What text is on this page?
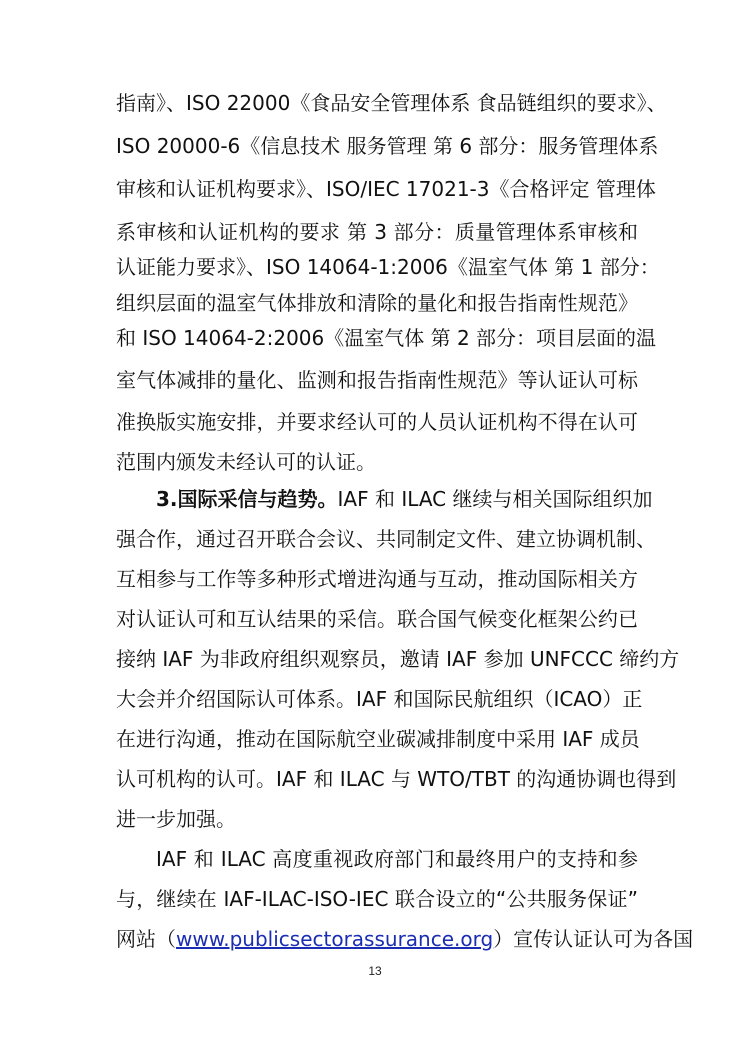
指南》、ISO 22000《食品安全管理体系 食品链组织的要求》、
ISO 20000-6《信息技术 服务管理 第 6 部分：服务管理体系
审核和认证机构要求》、ISO/IEC 17021-3《合格评定 管理体
系审核和认证机构的要求 第 3 部分：质量管理体系审核和
认证能力要求》、ISO 14064-1:2006《温室气体 第 1 部分：
组织层面的温室气体排放和清除的量化和报告指南性规范》
和 ISO 14064-2:2006《温室气体 第 2 部分：项目层面的温
室气体减排的量化、监测和报告指南性规范》等认证认可标
准换版实施安排，并要求经认可的人员认证机构不得在认可
范围内颁发未经认可的认证。
3.国际采信与趋势。IAF 和 ILAC 继续与相关国际组织加
强合作，通过召开联合会议、共同制定文件、建立协调机制、
互相参与工作等多种形式增进沟通与互动，推动国际相关方
对认证认可和互认结果的采信。联合国气候变化框架公约已
接纳 IAF 为非政府组织观察员，邀请 IAF 参加 UNFCCC 缔约方
大会并介绍国际认可体系。IAF 和国际民航组织（ICAO）正
在进行沟通，推动在国际航空业碳减排制度中采用 IAF 成员
认可机构的认可。IAF 和 ILAC 与 WTO/TBT 的沟通协调也得到
进一步加强。
IAF 和 ILAC 高度重视政府部门和最终用户的支持和参
与，继续在 IAF-ILAC-ISO-IEC 联合设立的“公共服务保证”
网站（www.publicsectorassurance.org）宣传认证认可为各国
13
